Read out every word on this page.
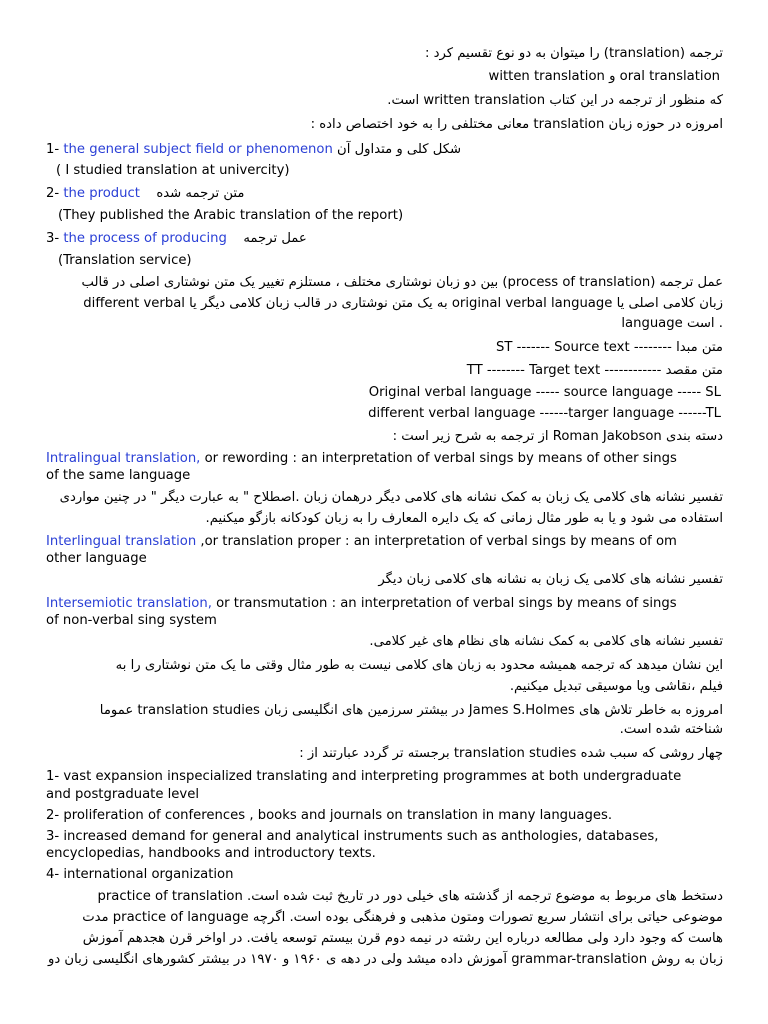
ترجمه (translation) را میتوان به دو نوع تقسیم کرد :
witten translation و oral translation
که منظور از ترجمه در این کتاب written translation است.
امروزه در حوزه زبان translation معانی مختلفی را به خود اختصاص داده :
1- the general subject field or phenomenon شکل کلی و متداول آن
( I studied translation at univercity)
2- the product متن ترجمه شده
(They published the Arabic translation of the report)
3- the process of producing عمل ترجمه
(Translation service)
عمل ترجمه (process of translation) بین دو زبان نوشتاری مختلف ، مستلزم تغییر یک متن نوشتاری اصلی در قالب
زبان کلامی اصلی یا original verbal language به یک متن نوشتاری در قالب زبان کلامی دیگر یا different verbal
language است .
متن مبدا -------- ST ------- Source text
متن مقصد ------------ TT -------- Target text
Original verbal language ----- source language ----- SL
different verbal language ------targer language ------TL
دسته بندی Roman Jakobson از ترجمه به شرح زیر است :
Intralingual translation, or rewording : an interpretation of verbal sings by means of other sings
of the same language
تفسیر نشانه های کلامی یک زبان به کمک نشانه های کلامی دیگر درهمان زبان .اصطلاح " به عبارت دیگر " در چنین مواردی
استفاده می شود و یا به طور مثال زمانی که یک دایره المعارف را به زبان کودکانه بازگو میکنیم.
Interlingual translation ,or translation proper : an interpretation of verbal sings by means of om
other language
تفسیر نشانه های کلامی یک زبان به نشانه های کلامی زبان دیگر
Intersemiotic translation, or transmutation : an interpretation of verbal sings by means of sings
of non-verbal sing system
تفسیر نشانه های کلامی به کمک نشانه های نظام های غیر کلامی.
این نشان میدهد که ترجمه همیشه محدود به زبان های کلامی نیست به طور مثال وقتی ما یک متن نوشتاری را به
فیلم ،نقاشی ویا موسیقی تبدیل میکنیم.
امروزه به خاطر تلاش های James S.Holmes در بیشتر سرزمین های انگلیسی زبان translation studies عموما
شناخته شده است.
چهار روشی که سبب شده translation studies برجسته تر گردد عبارتند از :
1- vast expansion inspecialized translating and interpreting programmes at both undergraduate
and postgraduate level
2- proliferation of conferences , books and journals on translation in many languages.
3- increased demand for general and analytical instruments such as anthologies, databases,
encyclopedias, handbooks and introductory texts.
4- international organization
دستخط های مربوط به موضوع ترجمه از گذشته های خیلی دور در تاریخ ثبت شده است. practice of translation
موضوعی حیاتی برای انتشار سریع تصورات ومتون مذهبی و فرهنگی بوده است. اگرچه practice of language مدت
هاست که وجود دارد ولی مطالعه درباره این رشته در نیمه دوم قرن بیستم توسعه یافت. در اواخر قرن هجدهم آموزش
زبان به روش grammar-translation آموزش داده میشد ولی در دهه ی ۱۹۶۰ و ۱۹۷۰ در بیشتر کشورهای انگلیسی زبان دو
